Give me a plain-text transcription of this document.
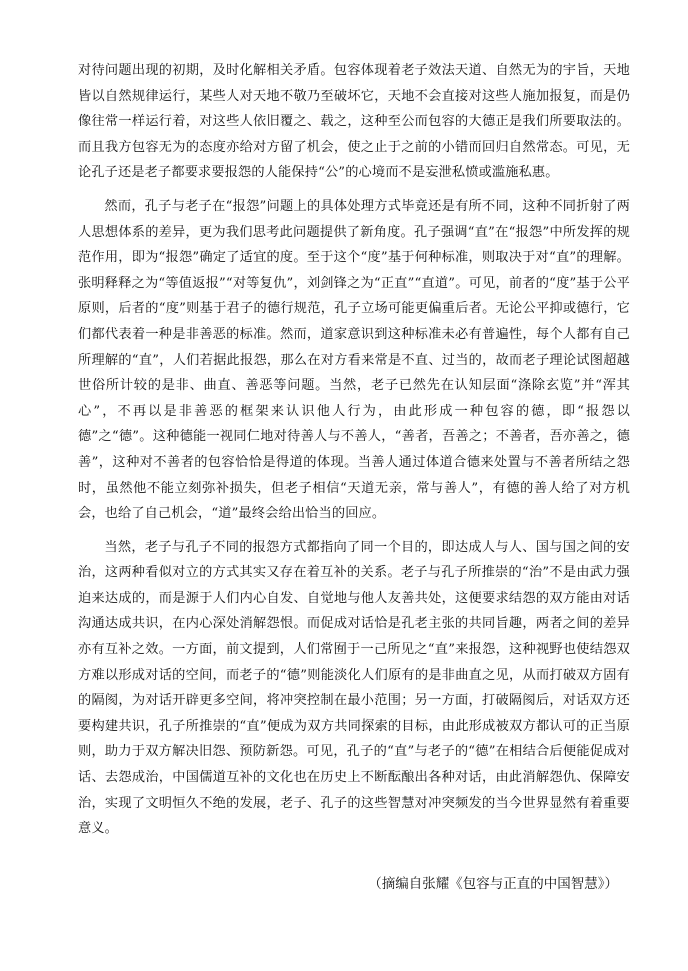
对待问题出现的初期，及时化解相关矛盾。包容体现着老子效法天道、自然无为的宇旨，天地皆以自然规律运行，某些人对天地不敬乃至破坏它，天地不会直接对这些人施加报复，而是仍像往常一样运行着，对这些人依旧覆之、载之，这种至公而包容的大德正是我们所要取法的。而且我方包容无为的态度亦给对方留了机会，使之止于之前的小错而回归自然常态。可见，无论孔子还是老子都要求要报怨的人能保持“公”的心境而不是妄泄私愤或滥施私惠。

然而，孔子与老子在“报怨”问题上的具体处理方式毕竟还是有所不同，这种不同折射了两人思想体系的差异，更为我们思考此问题提供了新角度。孔子强调“直”在“报怨”中所发挥的规范作用，即为“报怨”确定了适宜的度。至于这个“度”基于何种标准，则取决于对“直”的理解。张明释释之为“等值返报”“对等复仇”，刘剑锋之为“正直”“直道”。可见，前者的“度”基于公平原则，后者的“度”则基于君子的德行规范，孔子立场可能更偏重后者。无论公平抑或德行，它们都代表着一种是非善恶的标准。然而，道家意识到这种标准未必有普遍性，每个人都有自己所理解的“直”，人们若据此报怨，那么在对方看来常是不直、过当的，故而老子理论试图超越世俗所计较的是非、曲直、善恶等问题。当然，老子已然先在认知层面“涤除玄览”并“浑其心”，不再以是非善恶的框架来认识他人行为，由此形成一种包容的德，即“报怨以德”之“德”。这种德能一视同仁地对待善人与不善人，“善者，吾善之；不善者，吾亦善之，德善”，这种对不善者的包容恰恰是得道的体现。当善人通过体道合德来处置与不善者所结之怨时，虽然他不能立刻弥补损失，但老子相信“天道无亲，常与善人”，有德的善人给了对方机会，也给了自己机会，“道”最终会给出恰当的回应。

当然，老子与孔子不同的报怨方式都指向了同一个目的，即达成人与人、国与国之间的安治，这两种看似对立的方式其实又存在着互补的关系。老子与孔子所推崇的“治”不是由武力强迫来达成的，而是源于人们内心自发、自觉地与他人友善共处，这便要求结怨的双方能由对话沟通达成共识，在内心深处消解怨恨。而促成对话恰是孔老主张的共同旨趣，两者之间的差异亦有互补之效。一方面，前文提到，人们常囿于一己所见之“直”来报怨，这种视野也使结怨双方难以形成对话的空间，而老子的“德”则能淡化人们原有的是非曲直之见，从而打破双方固有的隔阂，为对话开辟更多空间，将冲突控制在最小范围；另一方面，打破隔阂后，对话双方还要构建共识，孔子所推崇的“直”便成为双方共同探索的目标，由此形成被双方都认可的正当原则，助力于双方解决旧怨、预防新怨。可见，孔子的“直”与老子的“德”在相结合后便能促成对话、去怨成治，中国儒道互补的文化也在历史上不断酝酿出各种对话，由此消解怨仇、保障安治，实现了文明恒久不绝的发展，老子、孔子的这些智慧对冲突频发的当今世界显然有着重要意义。

（摘编自张耀《包容与正直的中国智慧》）
